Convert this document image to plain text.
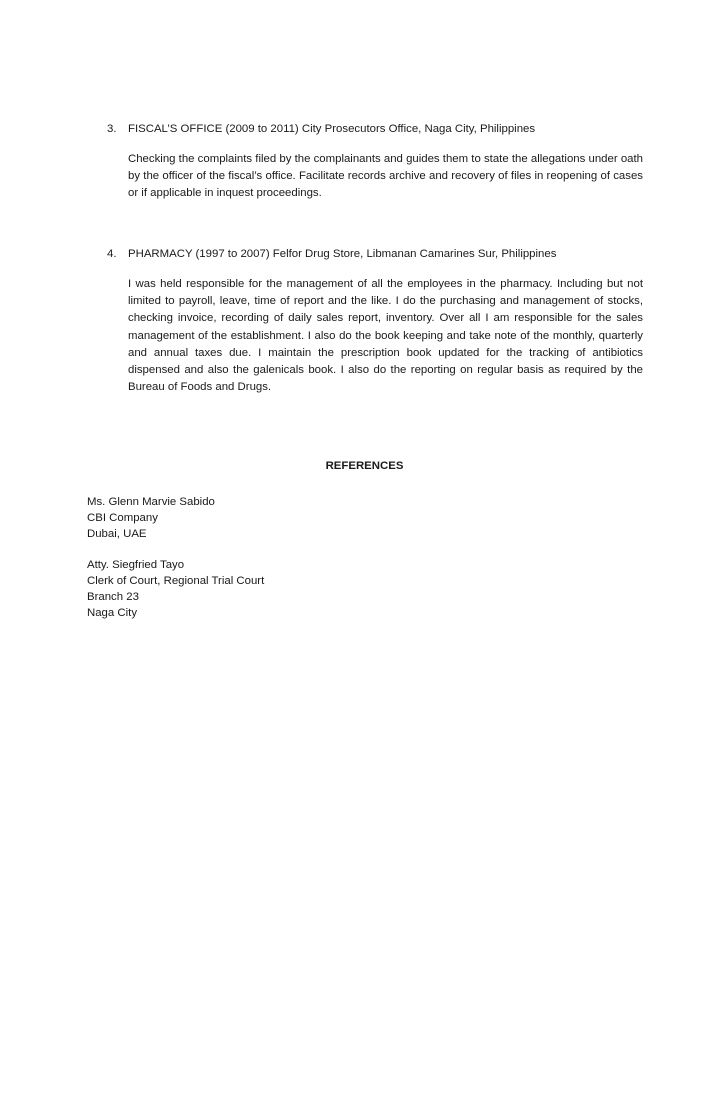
3. FISCAL’S OFFICE (2009 to 2011) City Prosecutors Office, Naga City, Philippines
Checking the complaints filed by the complainants and guides them to state the allegations under oath by the officer of the fiscal’s office. Facilitate records archive and recovery of files in reopening of cases or if applicable in inquest proceedings.
4. PHARMACY (1997 to 2007) Felfor Drug Store, Libmanan Camarines Sur, Philippines
I was held responsible for the management of all the employees in the pharmacy. Including but not limited to payroll, leave, time of report and the like. I do the purchasing and management of stocks, checking invoice, recording of daily sales report, inventory. Over all I am responsible for the sales management of the establishment. I also do the book keeping and take note of the monthly, quarterly and annual taxes due. I maintain the prescription book updated for the tracking of antibiotics dispensed and also the galenicals book. I also do the reporting on regular basis as required by the Bureau of Foods and Drugs.
REFERENCES
Ms. Glenn Marvie Sabido
CBI Company
Dubai, UAE
Atty. Siegfried Tayo
Clerk of Court, Regional Trial Court
Branch 23
Naga City
